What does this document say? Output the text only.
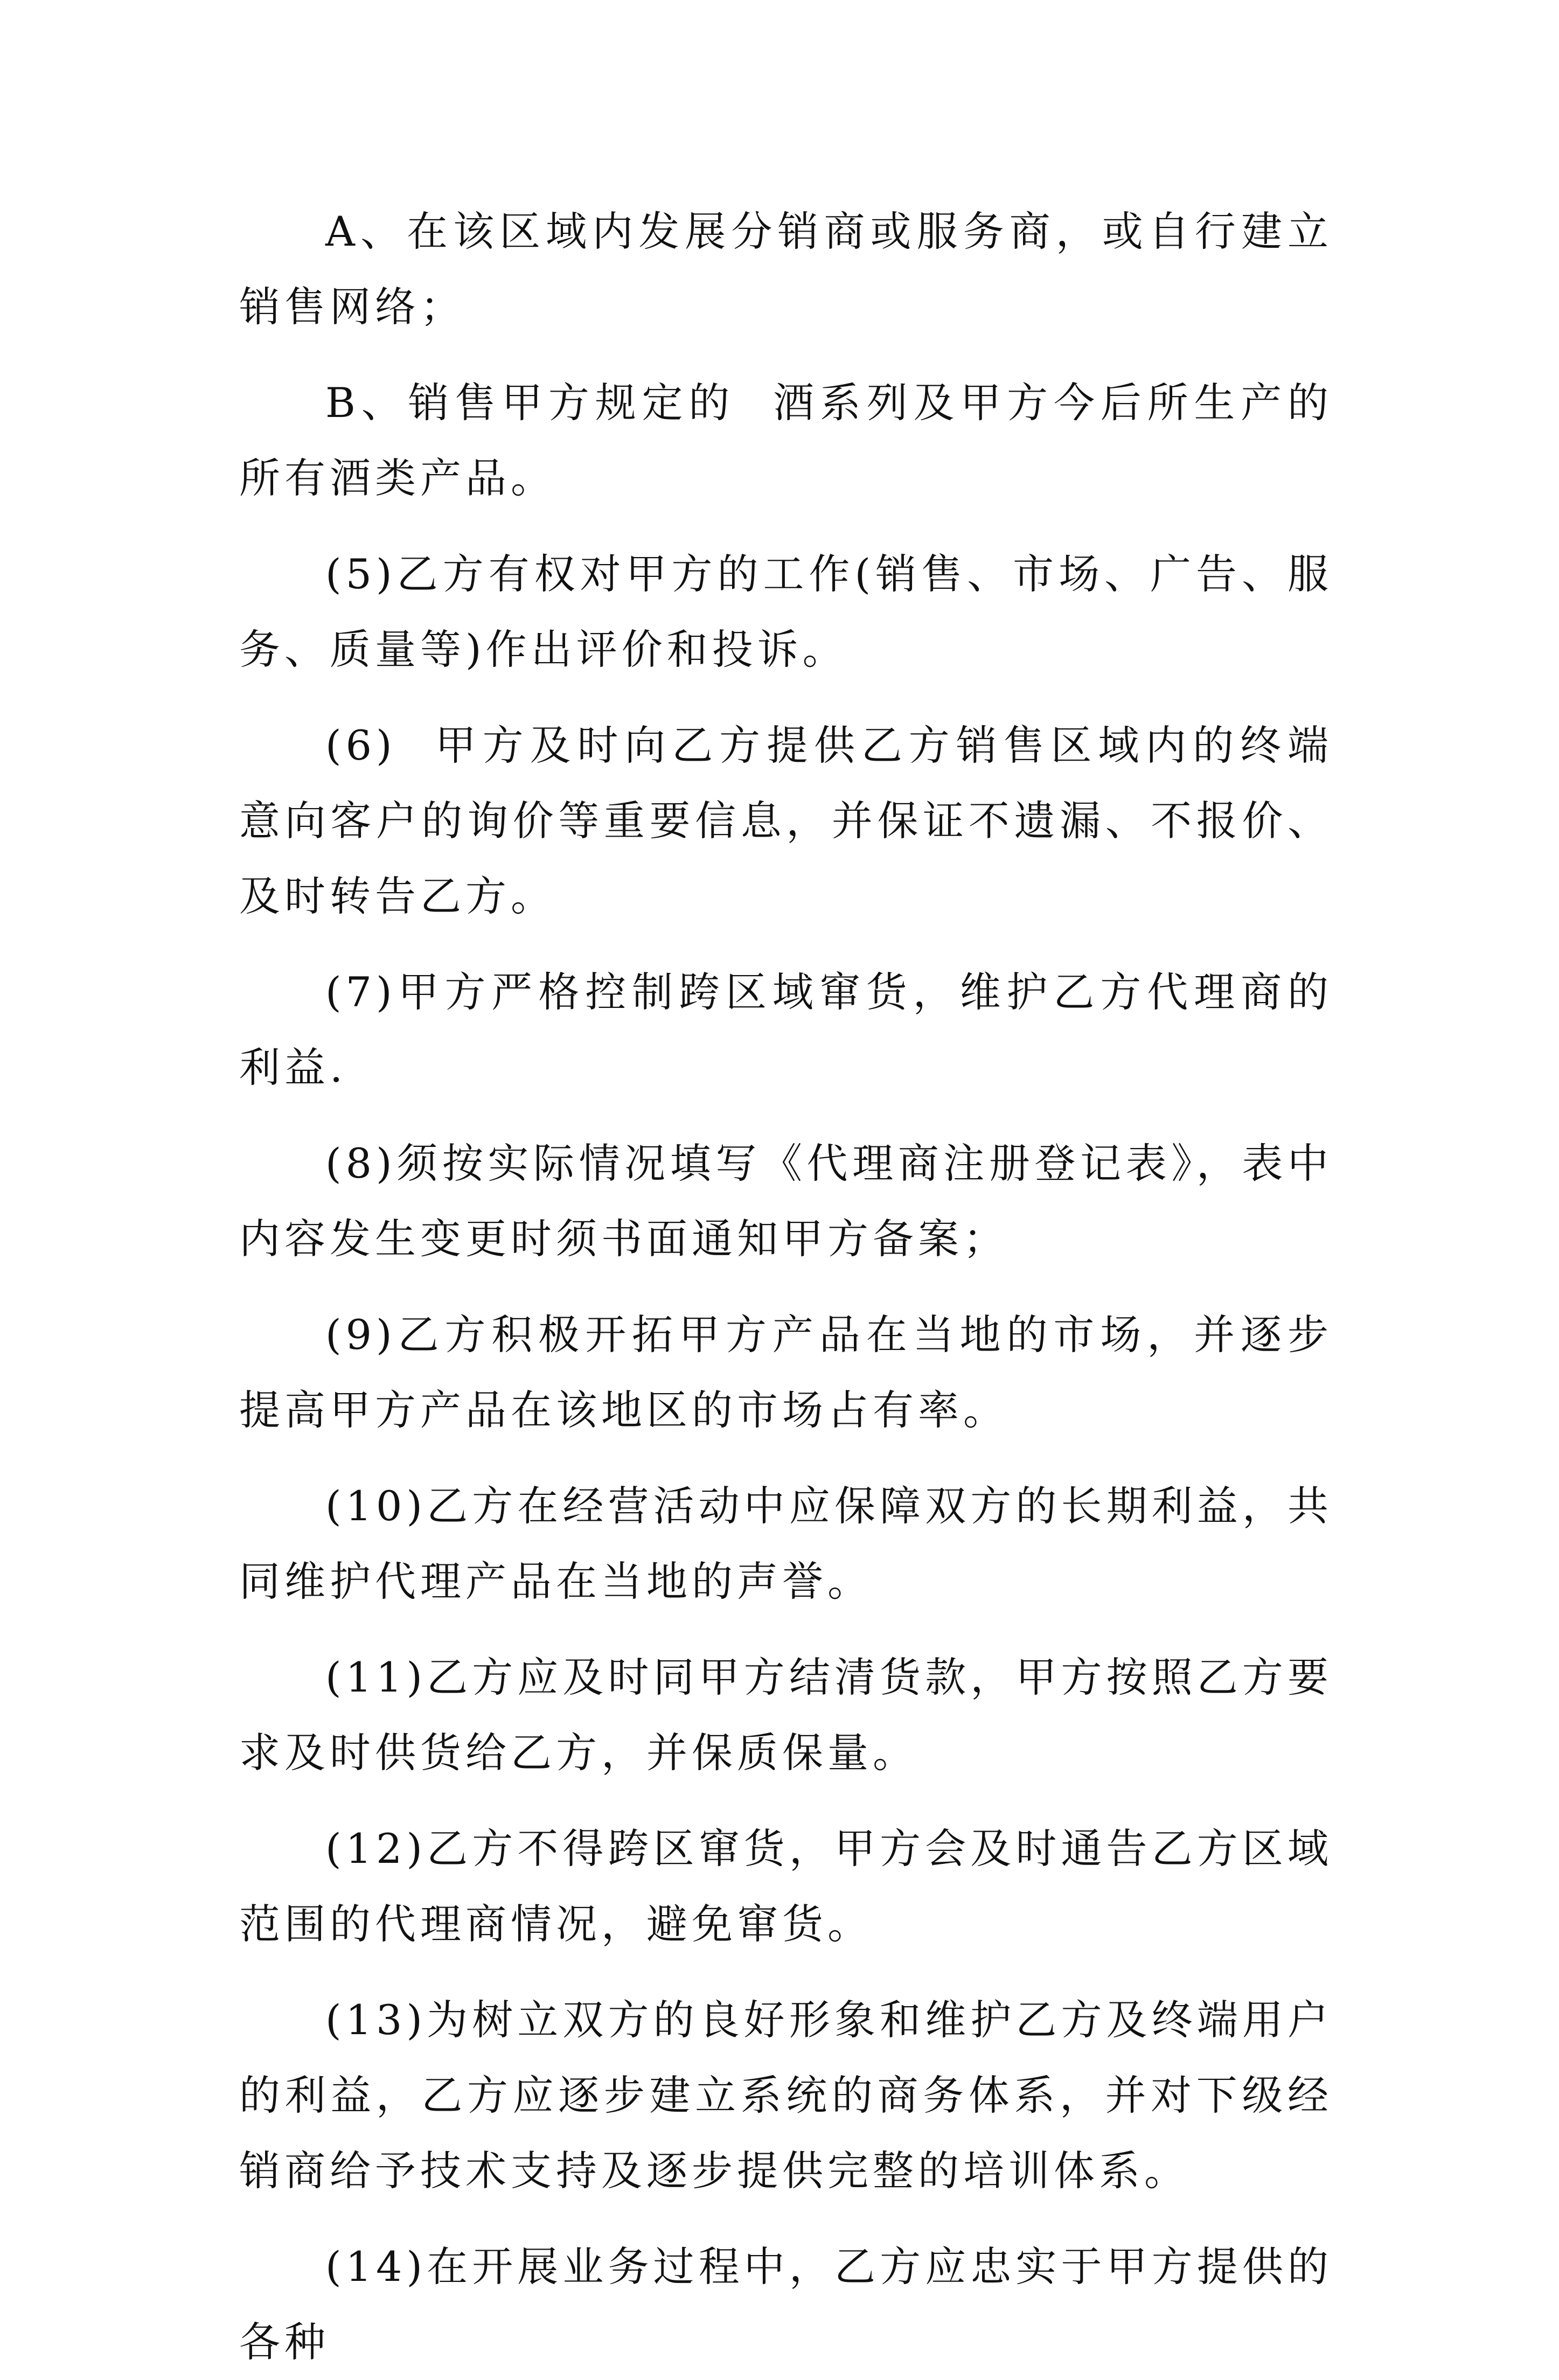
A、在该区域内发展分销商或服务商，或自行建立销售网络；

B、销售甲方规定的  酒系列及甲方今后所生产的所有酒类产品。

(5)乙方有权对甲方的工作(销售、市场、广告、服务、质量等)作出评价和投诉。

(6)  甲方及时向乙方提供乙方销售区域内的终端意向客户的询价等重要信息，并保证不遗漏、不报价、及时转告乙方。

(7)甲方严格控制跨区域窜货，维护乙方代理商的利益.

(8)须按实际情况填写《代理商注册登记表》，表中内容发生变更时须书面通知甲方备案；

(9)乙方积极开拓甲方产品在当地的市场，并逐步提高甲方产品在该地区的市场占有率。

(10)乙方在经营活动中应保障双方的长期利益，共同维护代理产品在当地的声誉。

(11)乙方应及时同甲方结清货款，甲方按照乙方要求及时供货给乙方，并保质保量。

(12)乙方不得跨区窜货，甲方会及时通告乙方区域范围的代理商情况，避免窜货。

(13)为树立双方的良好形象和维护乙方及终端用户的利益，乙方应逐步建立系统的商务体系，并对下级经销商给予技术支持及逐步提供完整的培训体系。

(14)在开展业务过程中，乙方应忠实于甲方提供的各种
